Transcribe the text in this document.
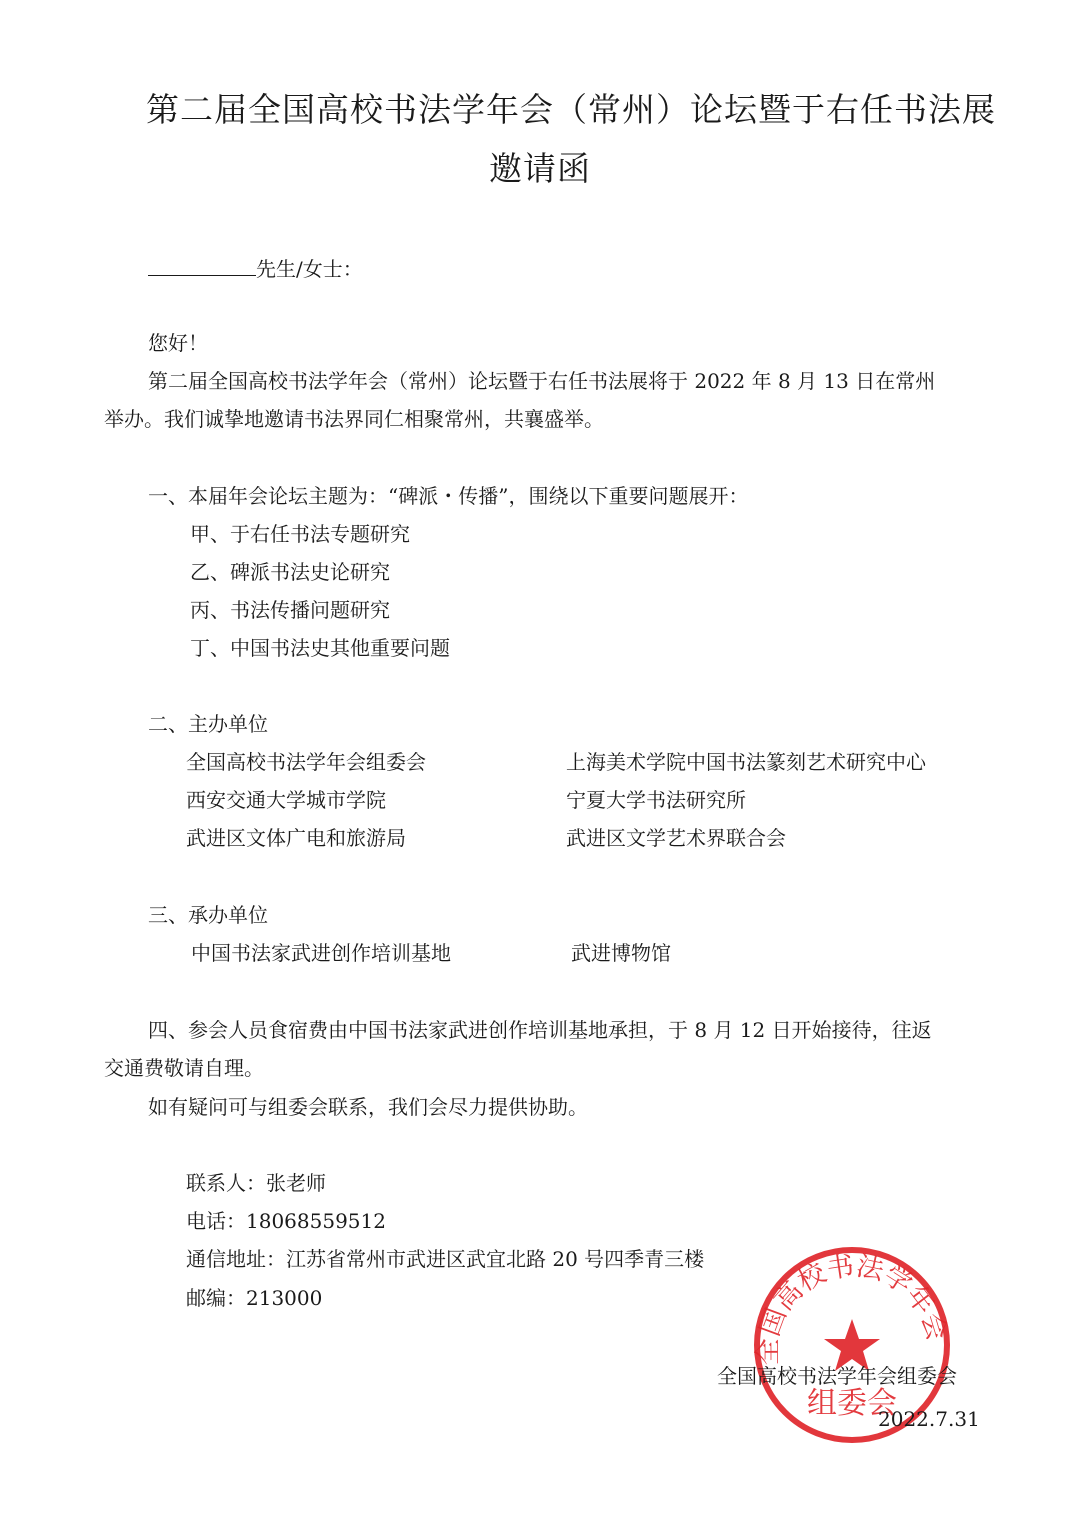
第二届全国高校书法学年会（常州）论坛暨于右任书法展
邀请函
先生/女士：
您好！
第二届全国高校书法学年会（常州）论坛暨于右任书法展将于 2022 年 8 月 13 日在常州
举办。我们诚挚地邀请书法界同仁相聚常州，共襄盛举。
一、本届年会论坛主题为：“碑派・传播”，围绕以下重要问题展开：
甲、于右任书法专题研究
乙、碑派书法史论研究
丙、书法传播问题研究
丁、中国书法史其他重要问题
二、主办单位
全国高校书法学年会组委会	上海美术学院中国书法篆刻艺术研究中心
西安交通大学城市学院	宁夏大学书法研究所
武进区文体广电和旅游局	武进区文学艺术界联合会
三、承办单位
中国书法家武进创作培训基地	武进博物馆
四、参会人员食宿费由中国书法家武进创作培训基地承担，于 8 月 12 日开始接待，往返
交通费敬请自理。
如有疑问可与组委会联系，我们会尽力提供协助。
联系人：张老师
电话：18068559512
通信地址：江苏省常州市武进区武宜北路 20 号四季青三楼
邮编：213000
全国高校书法学年会
组委会
全国高校书法学年会组委会
2022.7.31
